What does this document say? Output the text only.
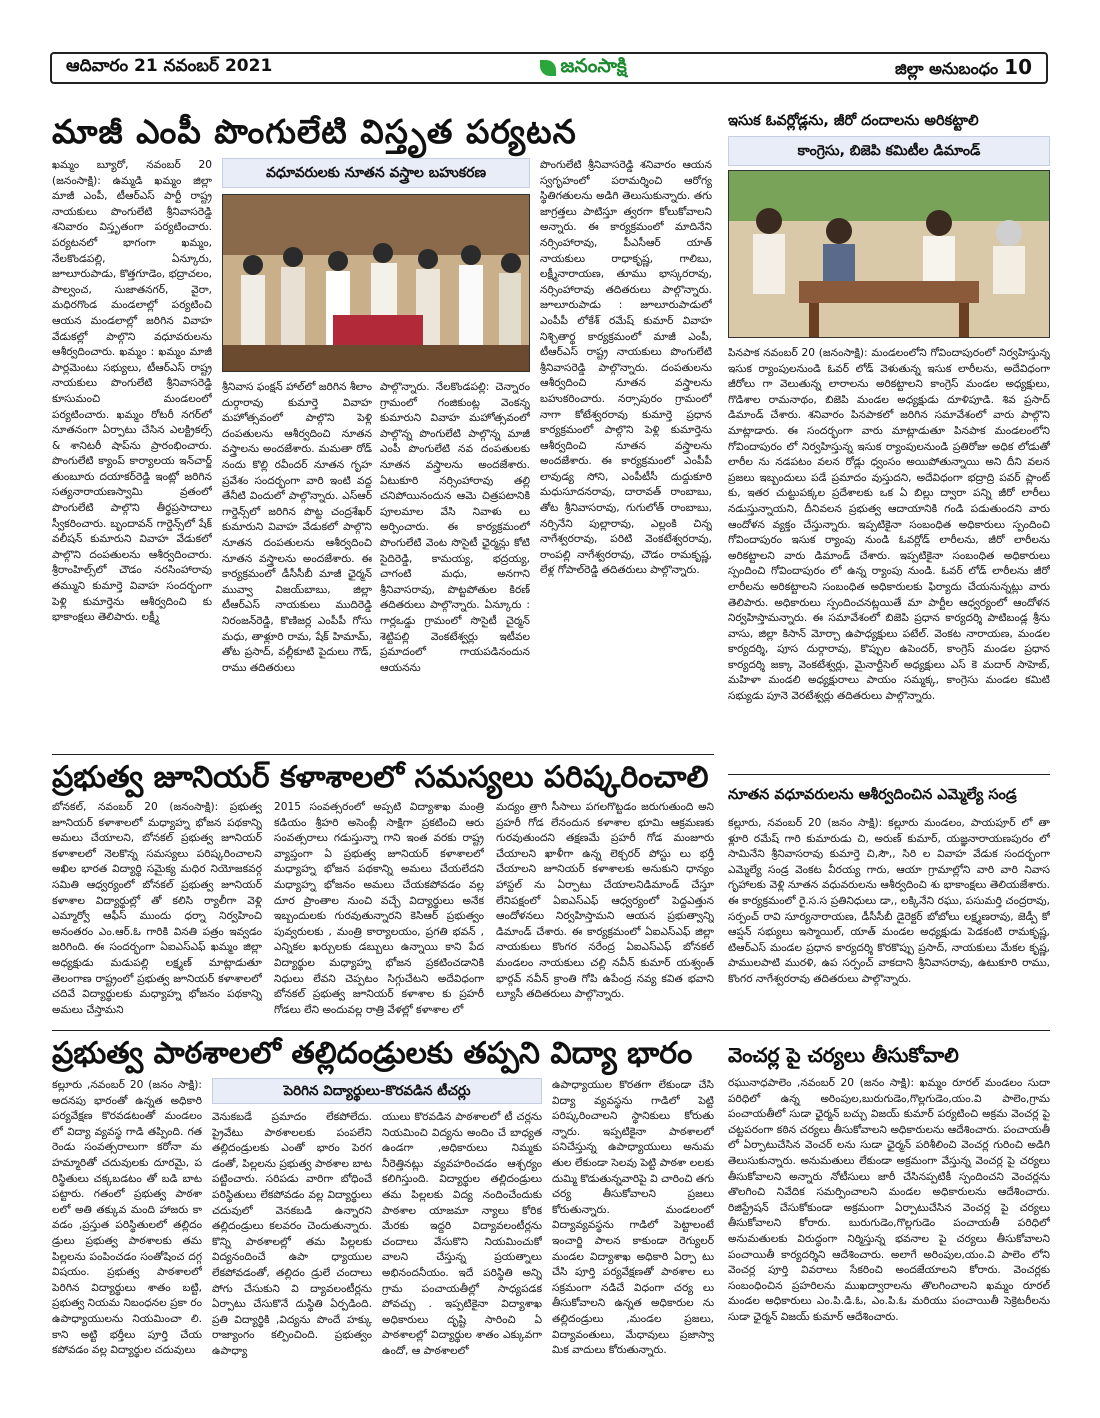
ఆదివారం 21 నవంబర్ 2021	జనంసాక్షి	జిల్లా అనుబంధం 10
మాజీ ఎంపీ పొంగులేటి విస్తృత పర్యటన
ఖమ్మం బ్యూరో, నవంబర్ 20 (జనంసాక్షి): ఉమ్మడి ఖమ్మం జిల్లా మాజీ ఎంపీ, టీఆర్ఎస్ పార్టీ రాష్ట్ర నాయకులు పొంగులేటి శ్రీనివాసరెడ్డి శనివారం విస్తృతంగా పర్యటించారు. పర్యటనలో భాగంగా ఖమ్మం, నేలకొండపల్లి, ఏన్కూరు, జూలూరుపాడు, కొత్తగూడెం, భద్రాచలం, పాల్వంచ, సుజాతనగర్, వైరా, మధిరగొండ మండలాల్లో పర్యటించి ఆయన మండలాల్లో జరిగిన వివాహ వేడుకల్లో పాల్గొని వధూవరులను ఆశీర్వదించారు. ఖమ్మం : ఖమ్మం మాజీ పార్లమెంటు సభ్యులు, టీఆర్ఎస్ రాష్ట్ర నాయకులు పొంగులేటి శ్రీనివాసరెడ్డి కూసుమంచి మండలంలో పర్యటించారు. ఖమ్మం రోటరీ నగర్‌లో నూతనంగా ఏర్పాటు చేసిన ఎలక్ట్రికల్స్ & శానిటరీ షాప్‌ను ప్రారంభించారు. పొంగులేటి క్యాంప్ కార్యాలయ ఇన్‌చార్జ్ తుంబూరు దయాకర్‌రెడ్డి ఇంట్లో జరిగిన సత్యనారాయణస్వామి వ్రతంలో పొంగులేటి పాల్గొని తీర్థప్రసాదాలు స్వీకరించారు. బృందావన్ గార్డెన్స్‌లో షేక్ వలీషన్ కుమారుని వివాహ వేడుకలో పాల్గొని దంపతులను ఆశీర్వదించారు. శ్రీరాంహిల్స్‌లో చౌడం నరసింహారావు తమ్ముని కుమార్తె వివాహ సందర్భంగా పెళ్లి కుమార్తెను ఆశీర్వదించి కు భాకాంక్షలు తెలిపారు. లక్ష్మీ
వధూవరులకు నూతన వస్త్రాల బహుకరణ
శ్రీనివాస ఫంక్షన్ హాల్‌లో జరిగిన శీలాం దుర్గారావు కుమార్తె వివాహ మహోత్సవంలో పాల్గొని పెళ్లి దంపతులను ఆశీర్వదించి నూతన వస్త్రాలను అందజేశారు. మమతా రోడ్ నందు కొల్లి రవీందర్ నూతన గృహ ప్రవేశం సందర్భంగా వారి ఇంటి వద్ద తేనీటి విందులో పాల్గొన్నారు. ఎస్ఆర్ గార్డెన్స్‌లో జరిగిన పొట్ట చంద్రశేఖర్ కుమారుని వివాహ వేడుకలో పాల్గొని నూతన దంపతులను ఆశీర్వదించి నూతన వస్త్రాలను అందజేశారు. ఈ కార్యక్రమంలో డీసీసీబీ మాజీ ఛైర్మన్ మువ్వా విజయ్‌బాబు, జిల్లా టీఆర్ఎస్ నాయకులు ముదిరెడ్డి నిరంజన్‌రెడ్డి, కొణిజర్ల ఎంపీపీ గోసు మధు, తాళ్లూరి రామ, షేక్ హిమామ్, తోట ప్రసాద్, వల్లీకూటి పైదులు గౌడ్, రాము తదితరులు
పాల్గొన్నారు. నేలకొండపల్లి: చెన్నారం గ్రామంలో గంజికుంట్ల వెంకన్న కుమారుని వివాహ మహోత్సవంలో పాల్గొన్న పొంగులేటి పాల్గొన్న మాజీ ఎంపీ పొంగులేటి నవ దంపతులకు నూతన వస్త్రాలను అందజేశారు. ఏటుకూరి నర్సింహారావు తల్లి చనిపోయినందున ఆమె చిత్రపటానికి పూలమాల వేసి నివాళు లు అర్పించారు. ఈ కార్యక్రమంలో పొంగులేటి వెంట సొసైటీ ఛైర్మన్లు కోటి సైదిరెడ్డి, కామయ్య, భద్రయ్య, చాగంటి మధు, అనగాని శ్రీనివాసరావు, పొట్టపోతుల కిరణ్ తదితరులు పాల్గొన్నారు. ఏన్కూరు : గార్లఒడ్డు గ్రామంలో సొసైటీ చైర్మన్ శెట్టిపల్లి వెంకటేశ్వర్లు ఇటీవల ప్రమాదంలో గాయపడినందున ఆయనను
పొంగులేటి శ్రీనివాసరెడ్డి శనివారం ఆయన స్వగృహంలో పరామర్శించి ఆరోగ్య స్థితిగతులను అడిగి తెలుసుకున్నారు. తగు జాగ్రత్తలు పాటిస్తూ త్వరగా కోలుకోవాలని అన్నారు. ఈ కార్యక్రమంలో మాదినేని నర్సింహారావు, పీఎసీఆర్ యాత్ నాయకులు రాధాకృష్ణ, గాలిబు, లక్ష్మీనారాయణ, తూము భాస్కరరావు, నర్సింహారావు తదితరులు పాల్గొన్నారు. జూలూరుపాడు : జూలూరుపాడులో ఎంపీపీ లోకేశ్ రమేష్ కుమార్ వివాహ నిశ్చితార్థ కార్యక్రమంలో మాజీ ఎంపీ, టీఆర్ఎస్ రాష్ట్ర నాయకులు పొంగులేటి శ్రీనివాసరెడ్డి పాల్గొన్నారు. దంపతులను ఆశీర్వదించి నూతన వస్త్రాలను బహుకరించారు. నర్సాపురం గ్రామంలో నాగా కోటేశ్వరరావు కుమార్తె ప్రధాన కార్యక్రమంలో పాల్గొని పెళ్లి కుమార్తెను ఆశీర్వదించి నూతన వస్త్రాలను అందజేశారు. ఈ కార్యక్రమంలో ఎంపీపీ లావుడ్య సోని, ఎంపీటీసీ దుద్దుకూరి మధుసూదనరావు, దారావత్ రాంబాబు, తోట శ్రీనివాసరావు, గుగులోత్ రాంబాబు, నర్సినేని పుల్లారావు, ఎల్లంకి చిన్న నాగేశ్వరరావు, పరిటి వెంకటేశ్వరరావు, రాంపల్లి నాగేశ్వరరావు, చౌడం రామకృష్ణ, లేళ్ల గోపాల్‌రెడ్డి తదితరులు పాల్గొన్నారు.
ఇసుక ఓవర్లోడ్లను, జీరో దందాలను అరికట్టాలి
కాంగ్రెసు, బిజెపి కమిటీల డిమాండ్
పినపాక నవంబర్ 20 (జనంసాక్షి): మండలంలోని గోవిందాపురంలో నిర్వహిస్తున్న ఇసుక ర్యాంపులనుండి ఓవర్ లోడ్ వెళుతున్న ఇసుక లారీలను, అదేవిధంగా జీరోలు గా వెలుతున్న లారాలను అరికట్టాలని కాంగ్రెస్ మండల అధ్యక్షులు, గొడిశాల రామనాథం, బిజెపి మండల అధ్యక్షుడు దూళిపూడి. శివ ప్రసాద్ డిమాండ్ చేశారు. శనివారం పినపాకలో జరిగిన సమావేశంలో వారు పాల్గొని మాట్లాడారు. ఈ సందర్భంగా వారు మాట్లాడుతూ పినపాక మండలంలోని గోవిందాపురం లో నిర్వహిస్తున్న ఇసుక ర్యాంపులనుండి ప్రతిరోజు అధిక లోడుతో లారీల ను నడపటం వలన రోడ్లు ధ్వంసం అయిపోతున్నాయి అని దీని వలన ప్రజలు ఇబ్బందులు పడే ప్రమాదం వుస్తుదని, అదేవిధంగా భద్రాద్రి పవర్ ప్లాంట్ కు, ఇతర చుట్టుపక్కల ప్రదేశాలకు ఒక ఏ బిల్లు ద్వారా పన్ని జీరో లారీలు నడుస్తున్నాయని, దీనివలన ప్రభుత్వ ఆదాయానికి గండి పడుతుందని వారు ఆందోళన వ్యక్తం చేస్తున్నారు. ఇప్పటికైనా సంబంధిత అధికారులు స్పందించి గోవిందాపురం ఇసుక ర్యాంపు నుండి ఓవర్లోడ్ లారీలను, జీరో లారీలను అరికట్టాలని వారు డిమాండ్ చేశారు. ఇప్పటికైనా సంబంధిత అధికారులు స్పందించి గోవిందాపురం లో ఉన్న ర్యాంపు నుండి. ఓవర్ లోడ్ లారీలను జీరో లారీలను అరికట్టాలని సంబంధిత అధికారులకు ఫిర్యాదు చేయనున్నట్లు వారు తెలిపారు. అధికారులు స్పందించనట్లయితే మా పార్టీల ఆధ్వర్యంలో ఆందోళన నిర్వహిస్తామన్నారు. ఈ సమావేశంలో బిజెపి ప్రధాన కార్యదర్శి పాటిబండ్ల శ్రీను వాసు, జిల్లా కిసాన్ మోర్చా ఉపాధ్యక్షులు పటేల్. వెంకట నారాయణ, మండల కార్యదర్శి, పూస దుర్గారావు, కొప్పుల ఉపెందర్, కాంగ్రెస్ మండల ప్రధాన కార్యదర్శి జక్కా వెంకటేశ్వర్లు, మైనార్టీసెల్ అధ్యక్షులు ఎస్ కె మదార్ సాహెబ్, మహిళా మండలి అధ్యక్షురాలు పాయం సమ్మక్క, కాంగ్రెసు మండల కమిటి సభ్యుడు పూనె వెరటేశ్వర్లు తదితరులు పాల్గొన్నారు.
నూతన వధూవరులను ఆశీర్వదించిన ఎమ్మెల్యే సండ్ర
కల్లూరు, నవంబర్ 20 (జనం సాక్షి): కల్లూరు మండలం, పాయపూర్ లో తా ళ్లూరి రమేష్ గారి కుమారుడు చి, అరుణ్ కుమార్, యజ్ఞనారాయణపురం లో సామినేని శ్రీనివాసరావు కుమార్తె చి,సౌ,, సిరి ల వివాహ వేడుక సందర్భంగా ఎమ్మెల్యే సండ్ర వెంకట వీరయ్య గారు, ఆయా గ్రామాల్లోని వారి వారి నివాస గృహాలకు వెళ్లి నూతన వధువరులను ఆశీర్వదించి శు భాకాంక్షలు తెలియజేశారు. ఈ కార్యక్రమంలో రై.స.స ప్రతినిధులు డా,, లక్కినేని రఘు, పసుమర్తి చంద్రరావు, సర్పంచ్ రావి సూర్యనారాయణ, డీసీసీబీ డైరెక్టర్ బోబోలు లక్ష్మణరావు, జెడ్పీ కో ఆప్షన్ సభ్యులు ఇస్మాయిల్, యాత్ మండల అధ్యక్షుడు పెడకంటి రామకృష్ణ, టిఆర్ఎస్ మండల ప్రధాన కార్యదర్శి కొరకొప్పు ప్రసాద్, నాయకులు మేకల కృష్ణ, పాములపాటి మురళి, ఉప సర్పంచ్ వాకదాని శ్రీనివాసరావు, ఉటుకూరి రాము, కొంగర నాగేశ్వరరావు తదితరులు పాల్గొన్నారు.
ప్రభుత్వ జూనియర్ కళాశాలలో సమస్యలు పరిష్కరించాలి
బోనకల్, నవంబర్ 20 (జనంసాక్షి): ప్రభుత్వ జూనియర్ కళాశాలలో మధ్యాహ్న భోజన పథకాన్ని అమలు చేయాలని, బోనకల్ ప్రభుత్వ జూనియర్ కళాశాలలో నెలకొన్న సమస్యలు పరిష్కరించాలని అఖిల భారత విద్యార్థి సమైక్య మధిర నియోజకవర్గ సమితి ఆధ్వర్యంలో బోనకల్ ప్రభుత్వ జూనియర్ కళాశాల విద్యార్థుల్లో తో కలిసి ర్యాలీగా వెళ్లి ఎమ్మార్వో ఆఫీస్ ముందు ధర్నా నిర్వహించి అనంతరం ఎం.ఆర్.ఓ గారికి వినతి పత్రం ఇవ్వడం జరిగింది. ఈ సందర్భంగా ఏఐఎస్ఎఫ్ ఖమ్మం జిల్లా అధ్యక్షుడు మడుపల్లి లక్ష్మణ్ మాట్లాడుతూ తెలంగాణ రాష్ట్రంలో ప్రభుత్వ జూనియర్ కళాశాలలో చదివే విద్యార్థులకు మధ్యాహ్న భోజనం పథకాన్ని అమలు చేస్తామని
2015 సంవత్సరంలో అప్పటి విద్యాశాఖ మంత్రి కడియం శ్రీహరి అసెంబ్లీ సాక్షిగా ప్రకటించి ఆరు సంవత్సరాలు గడుస్తున్నా గాని ఇంత వరకు రాష్ట్ర వ్యాప్తంగా ఏ ప్రభుత్వ జూనియర్ కళాశాలలో మధ్యాహ్న భోజన పథకాన్ని అమలు చేయలేదని మధ్యాహ్న భోజనం అమలు చేయకపోవడం వల్ల దూర ప్రాంతాల నుంచి వచ్చే విద్యార్థులు అనేక ఇబ్బందులకు గురవుతున్నారని కెసిఆర్ ప్రభుత్వం పువ్వరులకు , మంత్రి కార్యాలయం, ప్రగతి భవన్ , ఎన్నికల ఖర్చులకు డబ్బులు ఉన్నాయి కాని పేద విద్యార్థుల మధ్యాహ్న భోజన ప్రకటించడానికి నిధులు లేవని చెప్పటం సిగ్గుచేటని అదేవిధంగా బోనకల్ ప్రభుత్వ జూనియర్ కళాశాల కు ప్రహరీ గోడలు లేని అందువల్ల రాత్రి వేళల్లో కళాశాల లో
మద్యం త్రాగి సీసాలు పగలగొట్టడం జరుగుతుంది అని ప్రహరీ గోడ లేనందున కళాశాల భూమి ఆక్రమణకు గురవుతుందని తక్షణమే ప్రహరీ గోడ మంజూరు చేయాలని ఖాళీగా ఉన్న లెక్చరర్ పోస్టు లు భర్తీ చేయాలని జూనియర్ కళాశాలకు అనుకుని ధాన్యం హాస్టల్ ను ఏర్పాటు చేయాలనిడిమాండ్ చేస్తూ లేనిపక్షంలో ఏఐఎస్ఎఫ్ ఆధ్వర్యంలో పెద్దఎత్తున ఆందోళనలు నిర్వహిస్తామని ఆయన ప్రభుత్వాన్ని డిమాండ్ చేశారు. ఈ కార్యక్రమంలో ఏఐఎస్ఎఫ్ జిల్లా నాయకులు కొంగర నరేంద్ర ఏఐఎస్ఎఫ్ బోనకల్ మండలం నాయకులు చల్లి నవీన్ కుమార్ యశ్వంత్ భార్గవ్ నవీన్ క్రాంతి గోపి ఉపేంద్ర నవ్య కవిత భవాని ల్యూసీ తదితరులు పాల్గొన్నారు.
ప్రభుత్వ పాఠశాలలో తల్లిదండ్రులకు తప్పని విద్యా భారం
కల్లూరు ,నవంబర్ 20 (జనం సాక్షి): అదనపు భారంతో ఉన్నత అధికారి పర్యవేక్షణ కొరవడటంతో మండలం లో విద్యా వ్యవస్థ గాడి తప్పింది. గత రెండు సంవత్సరాలుగా కరోనా మ హమ్మారితో చదువులకు దూరమై, ప రిస్థితులు చక్కబడటం తో బడి బాట పట్టారు. గతంలో ప్రభుత్వ పాఠశా లలో అతి తక్కువ మంది హాజరు కా వడం ,ప్రస్తుత పరిస్థితులలో తల్లిదం డ్రులు ప్రభుత్వ పాఠశాలకు తమ పిల్లలను పంపించడం సంతోషించ దగ్గ విషయం. ప్రభుత్వ పాఠశాలలో పెరిగిన విద్యార్థులు శాతం బట్టి, ప్రభుత్వ నియమ నిబంధనల ప్రకా రం ఉపాధ్యాయులను నియమించా లి. కాని అట్టి భర్తీలు పూర్తి చేయ కపోవడం వల్ల విద్యార్థుల చదువులు
పెరిగిన విద్యార్థులు-కొరవడిన టీచర్లు
వెనుకబడే ప్రమాదం లేకపోలేదు. ప్రైవేటు పాఠశాలలకు పంపలేని తల్లిదండ్రులకు ఎంతో భారం పెరగ డంతో, పిల్లలను ప్రభుత్వ పాఠశాల బాట పట్టించారు. సరిపడు వారిగా బోధించే పరిస్థితులు లేకపోవడం వల్ల విద్యార్థులు చదువులో వెనకబడి ఉన్నారని తల్లిదండ్రులు కలవరం చెందుతున్నారు. కొన్ని పాఠశాలల్లో తమ పిల్లలకు విద్యనందించే ఉపా ధ్యాయుల లేకపోవడంతో, తల్లిదం డ్రులే చందాలు పోగు చేసుకుని వి ద్యావలంటీర్లను ఏర్పాటు చేసుకొనే దుస్థితి ఏర్పడింది. ప్రతి విద్యార్థికి ,విద్యను పొందే హక్కు రాజ్యాంగం కల్పించింది. ప్రభుత్వం ఉపాధ్యా
యులు కొరవడిన పాఠశాలలో టీ చర్లను నియమించి విద్యను అందిం చే బాధ్యత ఉండగా ,అధికారులు నిమ్మకు నీరెత్తినట్లు వ్యవహరించడం ఆశ్చర్యం కలిగిస్తుంది. విద్యార్థుల తల్లిదండ్రులు తమ పిల్లలకు విద్య నందించేందుకు పాఠశాల యాజమా న్యాలు కోరిక మేరకు ఇద్దరి విద్యావలంటీర్లను చందాలు వేసుకొని నియమించుకో వాలని చేస్తున్న ప్రయత్నాలు అభినందనీయం. ఇదే పరిస్థితి అన్ని గ్రామ పంచాయతీల్లో సాధ్యపడక పోవచ్చు . ఇప్పటికైనా విద్యాశాఖ అధికారులు దృష్టి సారించి ఏ పాఠశాలల్లో విద్యార్థుల శాతం ఎక్కువగా ఉందో, ఆ పాఠశాలలో
ఉపాధ్యాయుల కొరతగా లేకుండా చేసి విద్యా వ్యవస్థను గాడిలో పెట్టి పరిష్కరించాలని స్థానికులు కోరుతు న్నారు. ఇప్పటికైనా పాఠశాలలో పనిచేస్తున్న ఉపాధ్యాయులు అనుమ తుల లేకుండా సెలవు పెట్టి పాఠశా లలకు దుమ్మి కొడుతున్నవారిపై వి చారించి తగు చర్య తీసుకోవాలని ప్రజలు కోరుతున్నారు. మండలంలో విద్యావ్యవస్థను గాడిలో పెట్టాలంటే ఇంచార్జి పాలన కాకుండా రెగ్యులర్ మండల విద్యాశాఖ అధికారి ఏర్పా టు చేసి పూర్తి పర్యవేక్షణతో పాఠశాల లు సక్రమంగా నడిచే విధంగా చర్య లు తీసుకోవాలని ఉన్నత అధికారుల ను తల్లిదండ్రులు ,మండల ప్రజలు, విద్యావంతులు, మేధావులు ప్రజాస్వా మిక వాదులు కోరుతున్నారు.
వెంచర్ల పై చర్యలు తీసుకోవాలి
రఘునాధపాలెం ,నవంబర్ 20 (జనం సాక్షి): ఖమ్మం రూరల్ మండలం సుదా పరిధిలో ఉన్న అరింపుల,బురుగుడెం,గొల్లగుడెం,యం.వి పాలెం,గ్రామ పంచాయతీలో సుడా ఛైర్మన్ బచ్చు విజయ్ కుమార్ పర్యటించి అక్రమ వెంచర్ల పై చట్టపరంగా కఠిన చర్యలు తీసుకోవాలని అధికారులను ఆదేశించారు. పంచాయతీ లో ఏర్పాటుచేసిన వెంచర్ లను సుడా ఛైర్మన్ పరిశీలించి వెంచర్ల గురించి అడిగి తెలుసుకున్నారు. అనుమతులు లేకుండా అక్రమంగా వేస్తున్న వెంచర్ల పై చర్యలు తీసుకోవాలని అన్నారు నోటీసులు జారీ చేసినప్పటికీ స్పందించని వెంచర్లను తొలగించి నివేదిక సమర్పించాలని మండల అధికారులను ఆదేశించారు. రిజిస్ట్రేషన్ చేసుకోకుండా అక్రమంగా ఏర్పాటుచేసిన వెంచర్ల పై చర్యలు తీసుకోవాలని కోరారు. బురుగుడెం,గొల్లగుడెం పంచాయతీ పరిధిలో అనుమతులకు విరుద్ధంగా నిర్మిస్తున్న భవనాల పై చర్యలు తీసుకోవాలని పంచాయితీ కార్యదర్శిని ఆదేశించారు. అలాగే అరింపుల,యం.వి పాలెం లోని వెంచర్ల పూర్తి వివరాలు సేకరించి అందజేయాలని కోరారు. వెంచర్లకు సంబంధించిన ప్రహరిలను ముఖద్వారాలను తొలగించాలని ఖమ్మం రూరల్ మండల అధికారులు ఎం.పి.డి.ఓ, ఎం.పి.ఓ మరియు పంచాయితీ సెక్రెటరీలను సుడా ఛైర్మన్ విజయ్ కుమార్ ఆదేశించారు.
